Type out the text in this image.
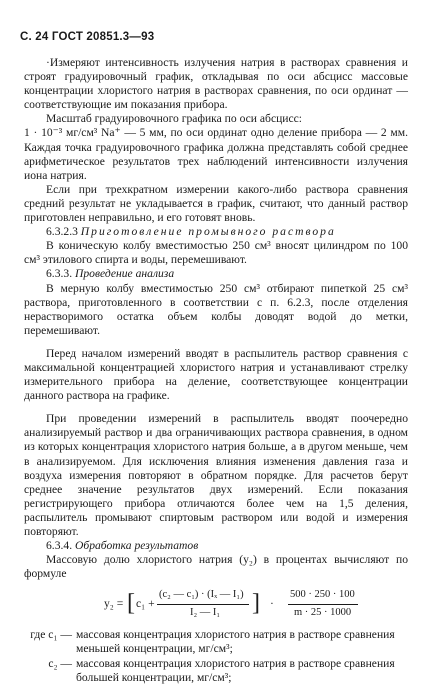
С. 24 ГОСТ 20851.3—93

·Измеряют интенсивность излучения натрия в растворах сравнения и строят градуировочный график, откладывая по оси абсцисс массовые концентрации хлористого натрия в растворах сравнения, по оси ординат — соответствующие им показания прибора.

Масштаб градуировочного графика по оси абсцисс:

1 · 10⁻³ мг/см³ Na⁺ — 5 мм, по оси ординат одно деление прибора — 2 мм. Каждая точка градуировочного графика должна представлять собой среднее арифметическое результатов трех наблюдений интенсивности излучения иона натрия.

Если при трехкратном измерении какого-либо раствора сравнения средний результат не укладывается в график, считают, что данный раствор приготовлен неправильно, и его готовят вновь.

6.3.2.3 Приготовление промывного раствора

В коническую колбу вместимостью 250 см³ вносят цилиндром по 100 см³ этилового спирта и воды, перемешивают.

6.3.3. Проведение анализа

В мерную колбу вместимостью 250 см³ отбирают пипеткой 25 см³ раствора, приготовленного в соответствии с п. 6.2.3, после отделения нерастворимого остатка объем колбы доводят водой до метки, перемешивают.

Перед началом измерений вводят в распылитель раствор сравнения с максимальной концентрацией хлористого натрия и устанавливают стрелку измерительного прибора на деление, соответствующее концентрации данного раствора на графике.

При проведении измерений в распылитель вводят поочередно анализируемый раствор и два ограничивающих раствора сравнения, в одном из которых концентрация хлористого натрия больше, а в другом меньше, чем в анализируемом. Для исключения влияния изменения давления газа и воздуха измерения повторяют в обратном порядке. Для расчетов берут среднее значение результатов двух измерений. Если показания регистрирующего прибора отличаются более чем на 1,5 деления, распылитель промывают спиртовым раствором или водой и измерения повторяют.

6.3.4. Обработка результатов

Массовую долю хлористого натрия (y₂) в процентах вычисляют по формуле

y₂ = [ c₁ +
(c₂ — c₁) · (Iₓ — I₁)
I₂ — I₁ ] ·
500 · 250 · 100
m · 25 · 1000
где c₁ — массовая концентрация хлористого натрия в растворе сравнения меньшей концентрации, мг/см³;
c₂ — массовая концентрация хлористого натрия в растворе сравнения большей концентрации, мг/см³;
